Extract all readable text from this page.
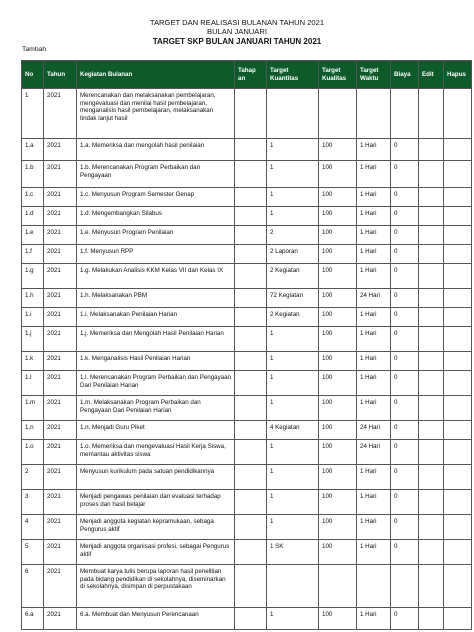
TARGET DAN REALISASI BULANAN TAHUN 2021
BULAN JANUARI
TARGET SKP BULAN JANUARI TAHUN 2021
Tambah
No	Tahun	Kegiatan Bulanan	Tahap an	Target Kuantitas	Target Kualitas	Target Waktu	Biaya	Edit	Hapus
1	2021	Merencanakan dan melaksanakan pembelajaran, mengevaluasi dan menilai hasil pembelajaran, menganalisis hasil pembelajaran, melaksanakan tindak lanjut hasil							
1.a	2021	1.a. Memeriksa dan mengolah hasil penilaian		1	100	1 Hari	0		
1.b	2021	1.b. Merencanakan Program Perbaikan dan Pengayaan		1	100	1 Hari	0		
1.c	2021	1.c. Menyusun Program Semester Genap		1	100	1 Hari	0		
1.d	2021	1.d. Mengembangkan Silabus		1	100	1 Hari	0		
1.e	2021	1.e. Menyusun Program Penilaian		2	100	1 Hari	0		
1.f	2021	1.f. Menyusun RPP		2 Laporan	100	1 Hari	0		
1.g	2021	1.g. Melakukan Analisis KKM Kelas VII dan Kelas IX		2 Kegiatan	100	1 Hari	0		
1.h	2021	1.h. Melaksanakan PBM		72 Kegiatan	100	24 Hari	0		
1.i	2021	1.i. Melaksanakan Penilaian Harian		2 Kegiatan	100	1 Hari	0		
1.j	2021	1.j. Memeriksa dan Mengolah Hasil Penilaian Harian		1	100	1 Hari	0		
1.k	2021	1.k. Menganalisis Hasil Penilaian Harian		1	100	1 Hari	0		
1.l	2021	1.l. Merencanakan Program Perbaikan dan Pengayaan Dari Penilaian Harian		1	100	1 Hari	0		
1.m	2021	1.m. Melaksanakan Program Perbaikan dan Pengayaan Dari Penilaian Harian		1	100	1 Hari	0		
1.n	2021	1.n. Menjadi Guru Piket		4 Kegiatan	100	24 Hari	0		
1.o	2021	1.o. Memeriksa dan mengevaluasi Hasil Kerja Siswa, memantau aktivitas siswa		1	100	24 Hari	0		
2	2021	Menyusun kurikulum pada satuan pendidikannya		1	100	1 Hari	0		
3	2021	Menjadi pengawas penilaian dan evaluasi terhadap proses dan hasil belajar		1	100	1 Hari	0		
4	2021	Menjadi anggota kegiatan kepramukaan, sebaga Pengurus aktif		1	100	1 Hari	0		
5	2021	Menjadi anggota organisasi profesi, sebagai Pengurus aktif		1 SK	100	1 Hari	0		
6	2021	Membuat karya tulis berupa laporan hasil penelitian pada bidang pendidikan di sekolahnya, diseminarkan di sekolahnya, disimpan di perpustakaan							
6.a	2021	6.a. Membuat dan Menyusun Perencanaan		1	100	1 Hari	0		
